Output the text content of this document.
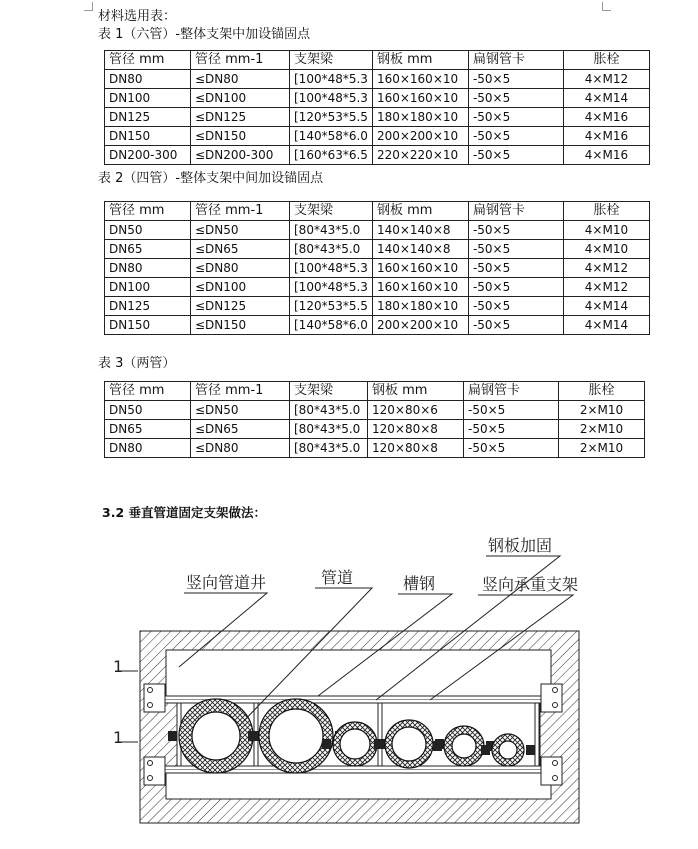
材料选用表：
表 1（六管）-整体支架中加设锚固点
管径 mm	管径 mm-1	支架梁	钢板 mm	扁钢管卡	胀栓
DN80	≤DN80	[100*48*5.3	160×160×10	-50×5	4×M12
DN100	≤DN100	[100*48*5.3	160×160×10	-50×5	4×M14
DN125	≤DN125	[120*53*5.5	180×180×10	-50×5	4×M16
DN150	≤DN150	[140*58*6.0	200×200×10	-50×5	4×M16
DN200-300	≤DN200-300	[160*63*6.5	220×220×10	-50×5	4×M16
表 2（四管）-整体支架中间加设锚固点
管径 mm	管径 mm-1	支架梁	钢板 mm	扁钢管卡	胀栓
DN50	≤DN50	[80*43*5.0	140×140×8	-50×5	4×M10
DN65	≤DN65	[80*43*5.0	140×140×8	-50×5	4×M10
DN80	≤DN80	[100*48*5.3	160×160×10	-50×5	4×M12
DN100	≤DN100	[100*48*5.3	160×160×10	-50×5	4×M12
DN125	≤DN125	[120*53*5.5	180×180×10	-50×5	4×M14
DN150	≤DN150	[140*58*6.0	200×200×10	-50×5	4×M14
表 3（两管）
管径 mm	管径 mm-1	支架梁	钢板 mm	扁钢管卡	胀栓
DN50	≤DN50	[80*43*5.0	120×80×6	-50×5	2×M10
DN65	≤DN65	[80*43*5.0	120×80×8	-50×5	2×M10
DN80	≤DN80	[80*43*5.0	120×80×8	-50×5	2×M10
3.2 垂直管道固定支架做法：
1
1
竖向管道井	管道	槽钢
钢板加固
竖向承重支架
